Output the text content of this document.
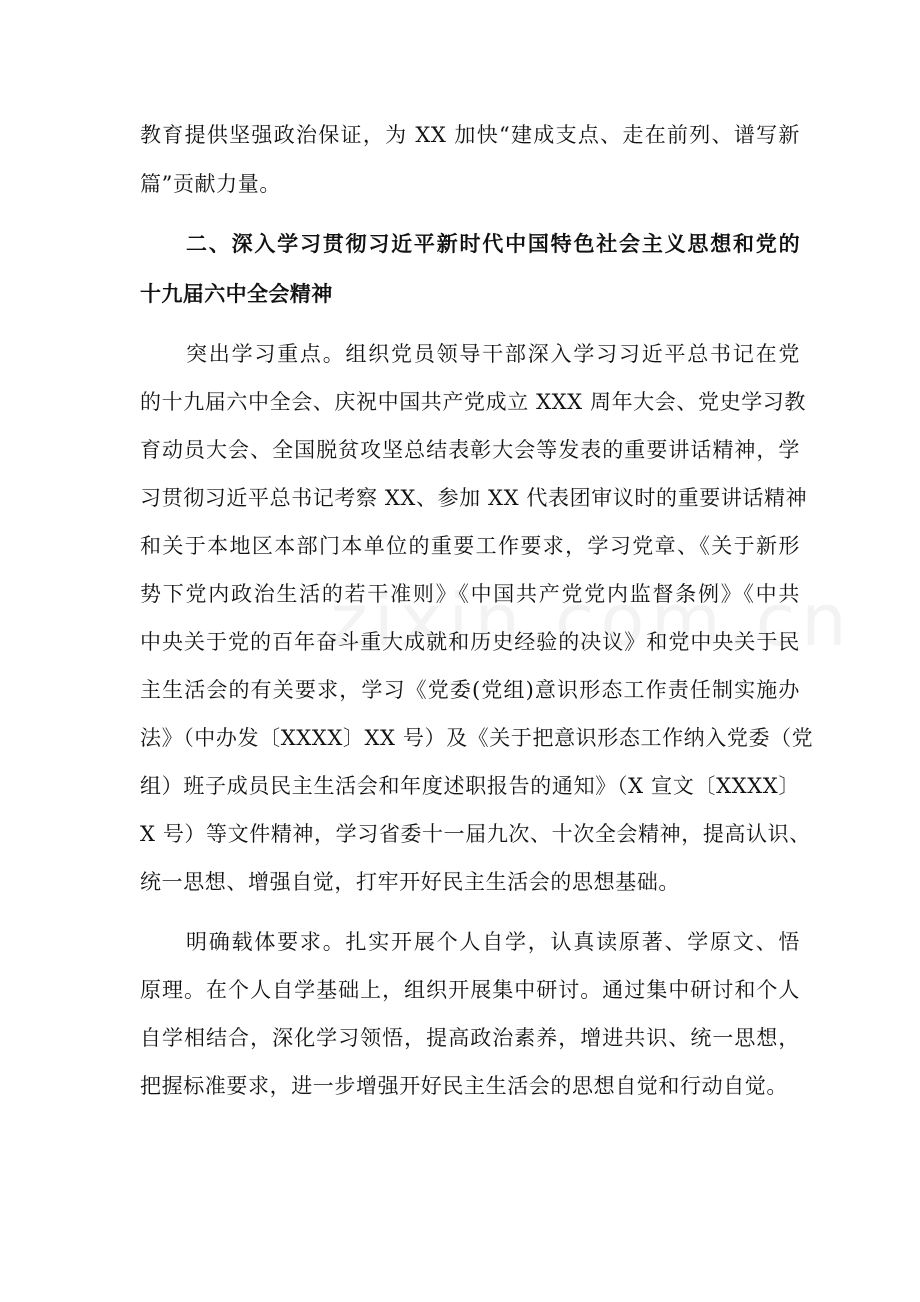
教育提供坚强政治保证，为 XX 加快“建成支点、走在前列、谱写新
篇”贡献力量。
二、深入学习贯彻习近平新时代中国特色社会主义思想和党的
十九届六中全会精神
突出学习重点。组织党员领导干部深入学习习近平总书记在党
的十九届六中全会、庆祝中国共产党成立 XXX 周年大会、党史学习教
育动员大会、全国脱贫攻坚总结表彰大会等发表的重要讲话精神，学
习贯彻习近平总书记考察 XX、参加 XX 代表团审议时的重要讲话精神
和关于本地区本部门本单位的重要工作要求，学习党章、《关于新形
势下党内政治生活的若干准则》《中国共产党党内监督条例》《中共
中央关于党的百年奋斗重大成就和历史经验的决议》和党中央关于民
主生活会的有关要求，学习《党委(党组)意识形态工作责任制实施办
法》（中办发〔XXXX〕XX 号）及《关于把意识形态工作纳入党委（党
组）班子成员民主生活会和年度述职报告的通知》（X 宣文〔XXXX〕
X 号）等文件精神，学习省委十一届九次、十次全会精神，提高认识、
统一思想、增强自觉，打牢开好民主生活会的思想基础。
明确载体要求。扎实开展个人自学，认真读原著、学原文、悟
原理。在个人自学基础上，组织开展集中研讨。通过集中研讨和个人
自学相结合，深化学习领悟，提高政治素养，增进共识、统一思想，
把握标准要求，进一步增强开好民主生活会的思想自觉和行动自觉。
